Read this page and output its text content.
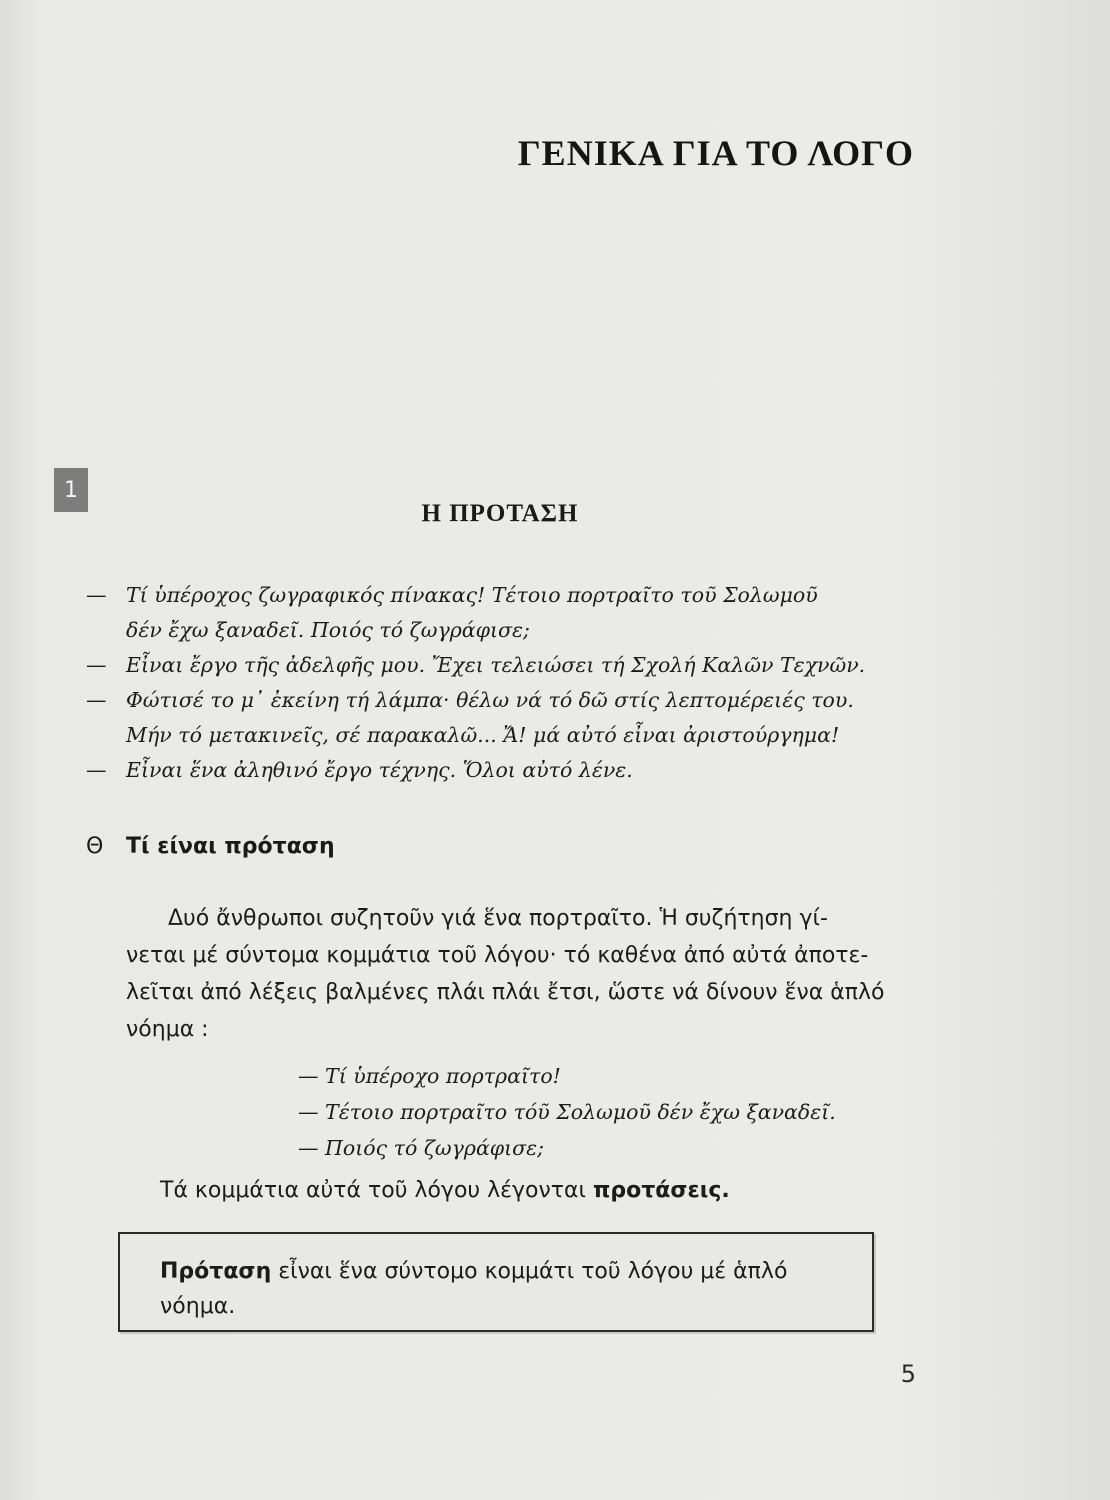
ΓΕΝΙΚΑ ΓΙΑ ΤΟ ΛΟΓΟ
1
Η ΠΡΟΤΑΣΗ
— Τί ὑπέροχος ζωγραφικός πίνακας! Τέτοιο πορτραῖτο τοῦ Σολωμοῦ
δέν ἔχω ξαναδεῖ. Ποιός τό ζωγράφισε;
— Εἶναι ἔργο τῆς ἀδελφῆς μου. Ἔχει τελειώσει τή Σχολή Καλῶν Τεχνῶν.
— Φώτισέ το μ᾿ ἐκείνη τή λάμπα· θέλω νά τό δῶ στίς λεπτομέρειές του.
Μήν τό μετακινεῖς, σέ παρακαλῶ... Ἄ! μά αὐτό εἶναι ἀριστούργημα!
— Εἶναι ἕνα ἀληθινό ἔργο τέχνης. Ὅλοι αὐτό λένε.
Θ Τί είναι πρόταση
Δυό ἄνθρωποι συζητοῦν γιά ἕνα πορτραῖτο. Ἡ συζήτηση γί-
νεται μέ σύντομα κομμάτια τοῦ λόγου· τό καθένα ἀπό αὐτά ἀποτε-
λεῖται ἀπό λέξεις βαλμένες πλάι πλάι ἔτσι, ὥστε νά δίνουν ἕνα ἁπλό
νόημα :
— Τί ὑπέροχο πορτραῖτο!
— Τέτοιο πορτραῖτο τόῦ Σολωμοῦ δέν ἔχω ξαναδεῖ.
— Ποιός τό ζωγράφισε;
Τά κομμάτια αὐτά τοῦ λόγου λέγονται προτάσεις.
Πρόταση εἶναι ἕνα σύντομο κομμάτι τοῦ λόγου μέ ἁπλό
νόημα.
5
